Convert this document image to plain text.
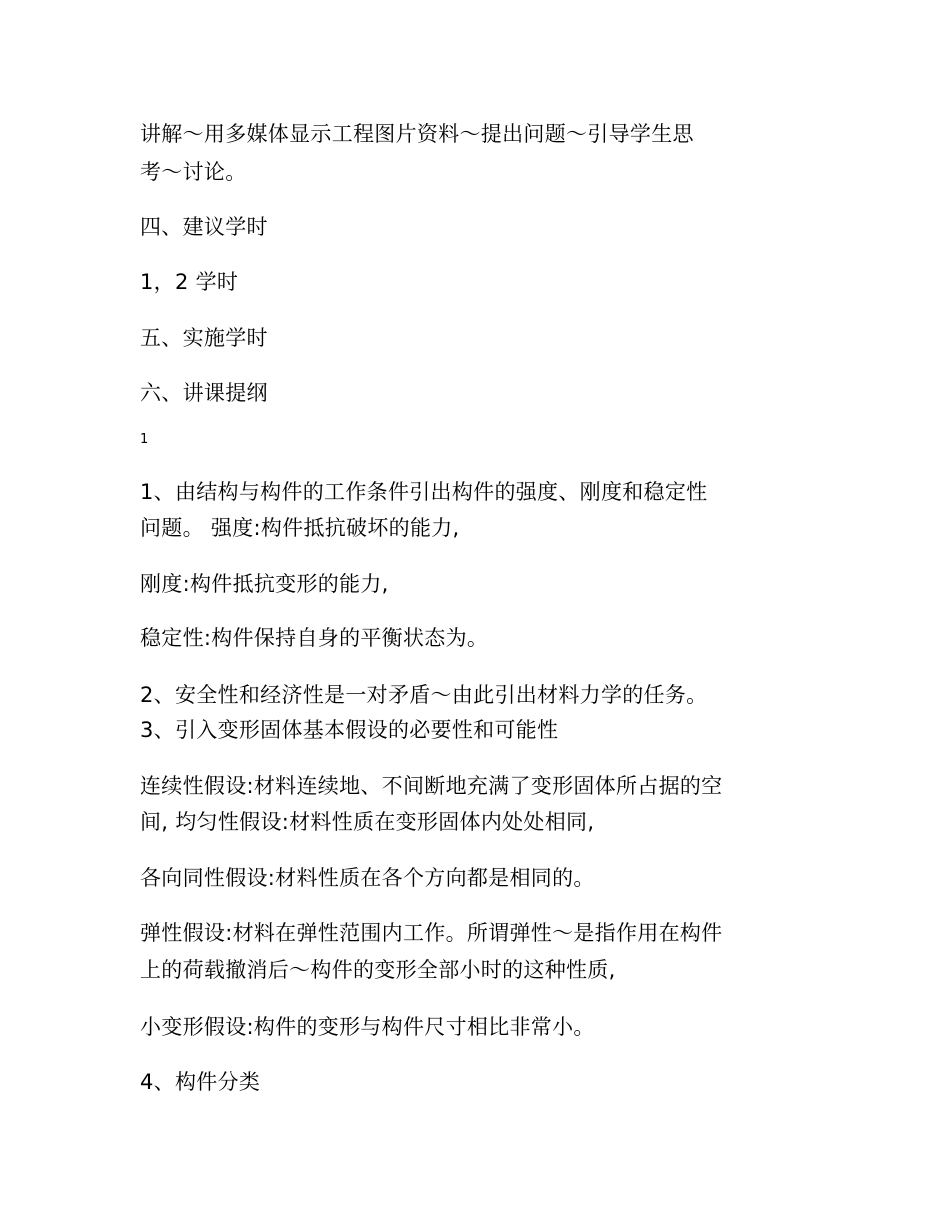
讲解～用多媒体显示工程图片资料～提出问题～引导学生思
考～讨论。
四、建议学时
1，2 学时
五、实施学时
六、讲课提纲
1
1、由结构与构件的工作条件引出构件的强度、刚度和稳定性
问题。 强度:构件抵抗破坏的能力,
刚度:构件抵抗变形的能力,
稳定性:构件保持自身的平衡状态为。
2、安全性和经济性是一对矛盾～由此引出材料力学的任务。
3、引入变形固体基本假设的必要性和可能性
连续性假设:材料连续地、不间断地充满了变形固体所占据的空
间, 均匀性假设:材料性质在变形固体内处处相同,
各向同性假设:材料性质在各个方向都是相同的。
弹性假设:材料在弹性范围内工作。所谓弹性～是指作用在构件
上的荷载撤消后～构件的变形全部小时的这种性质,
小变形假设:构件的变形与构件尺寸相比非常小。
4、构件分类
